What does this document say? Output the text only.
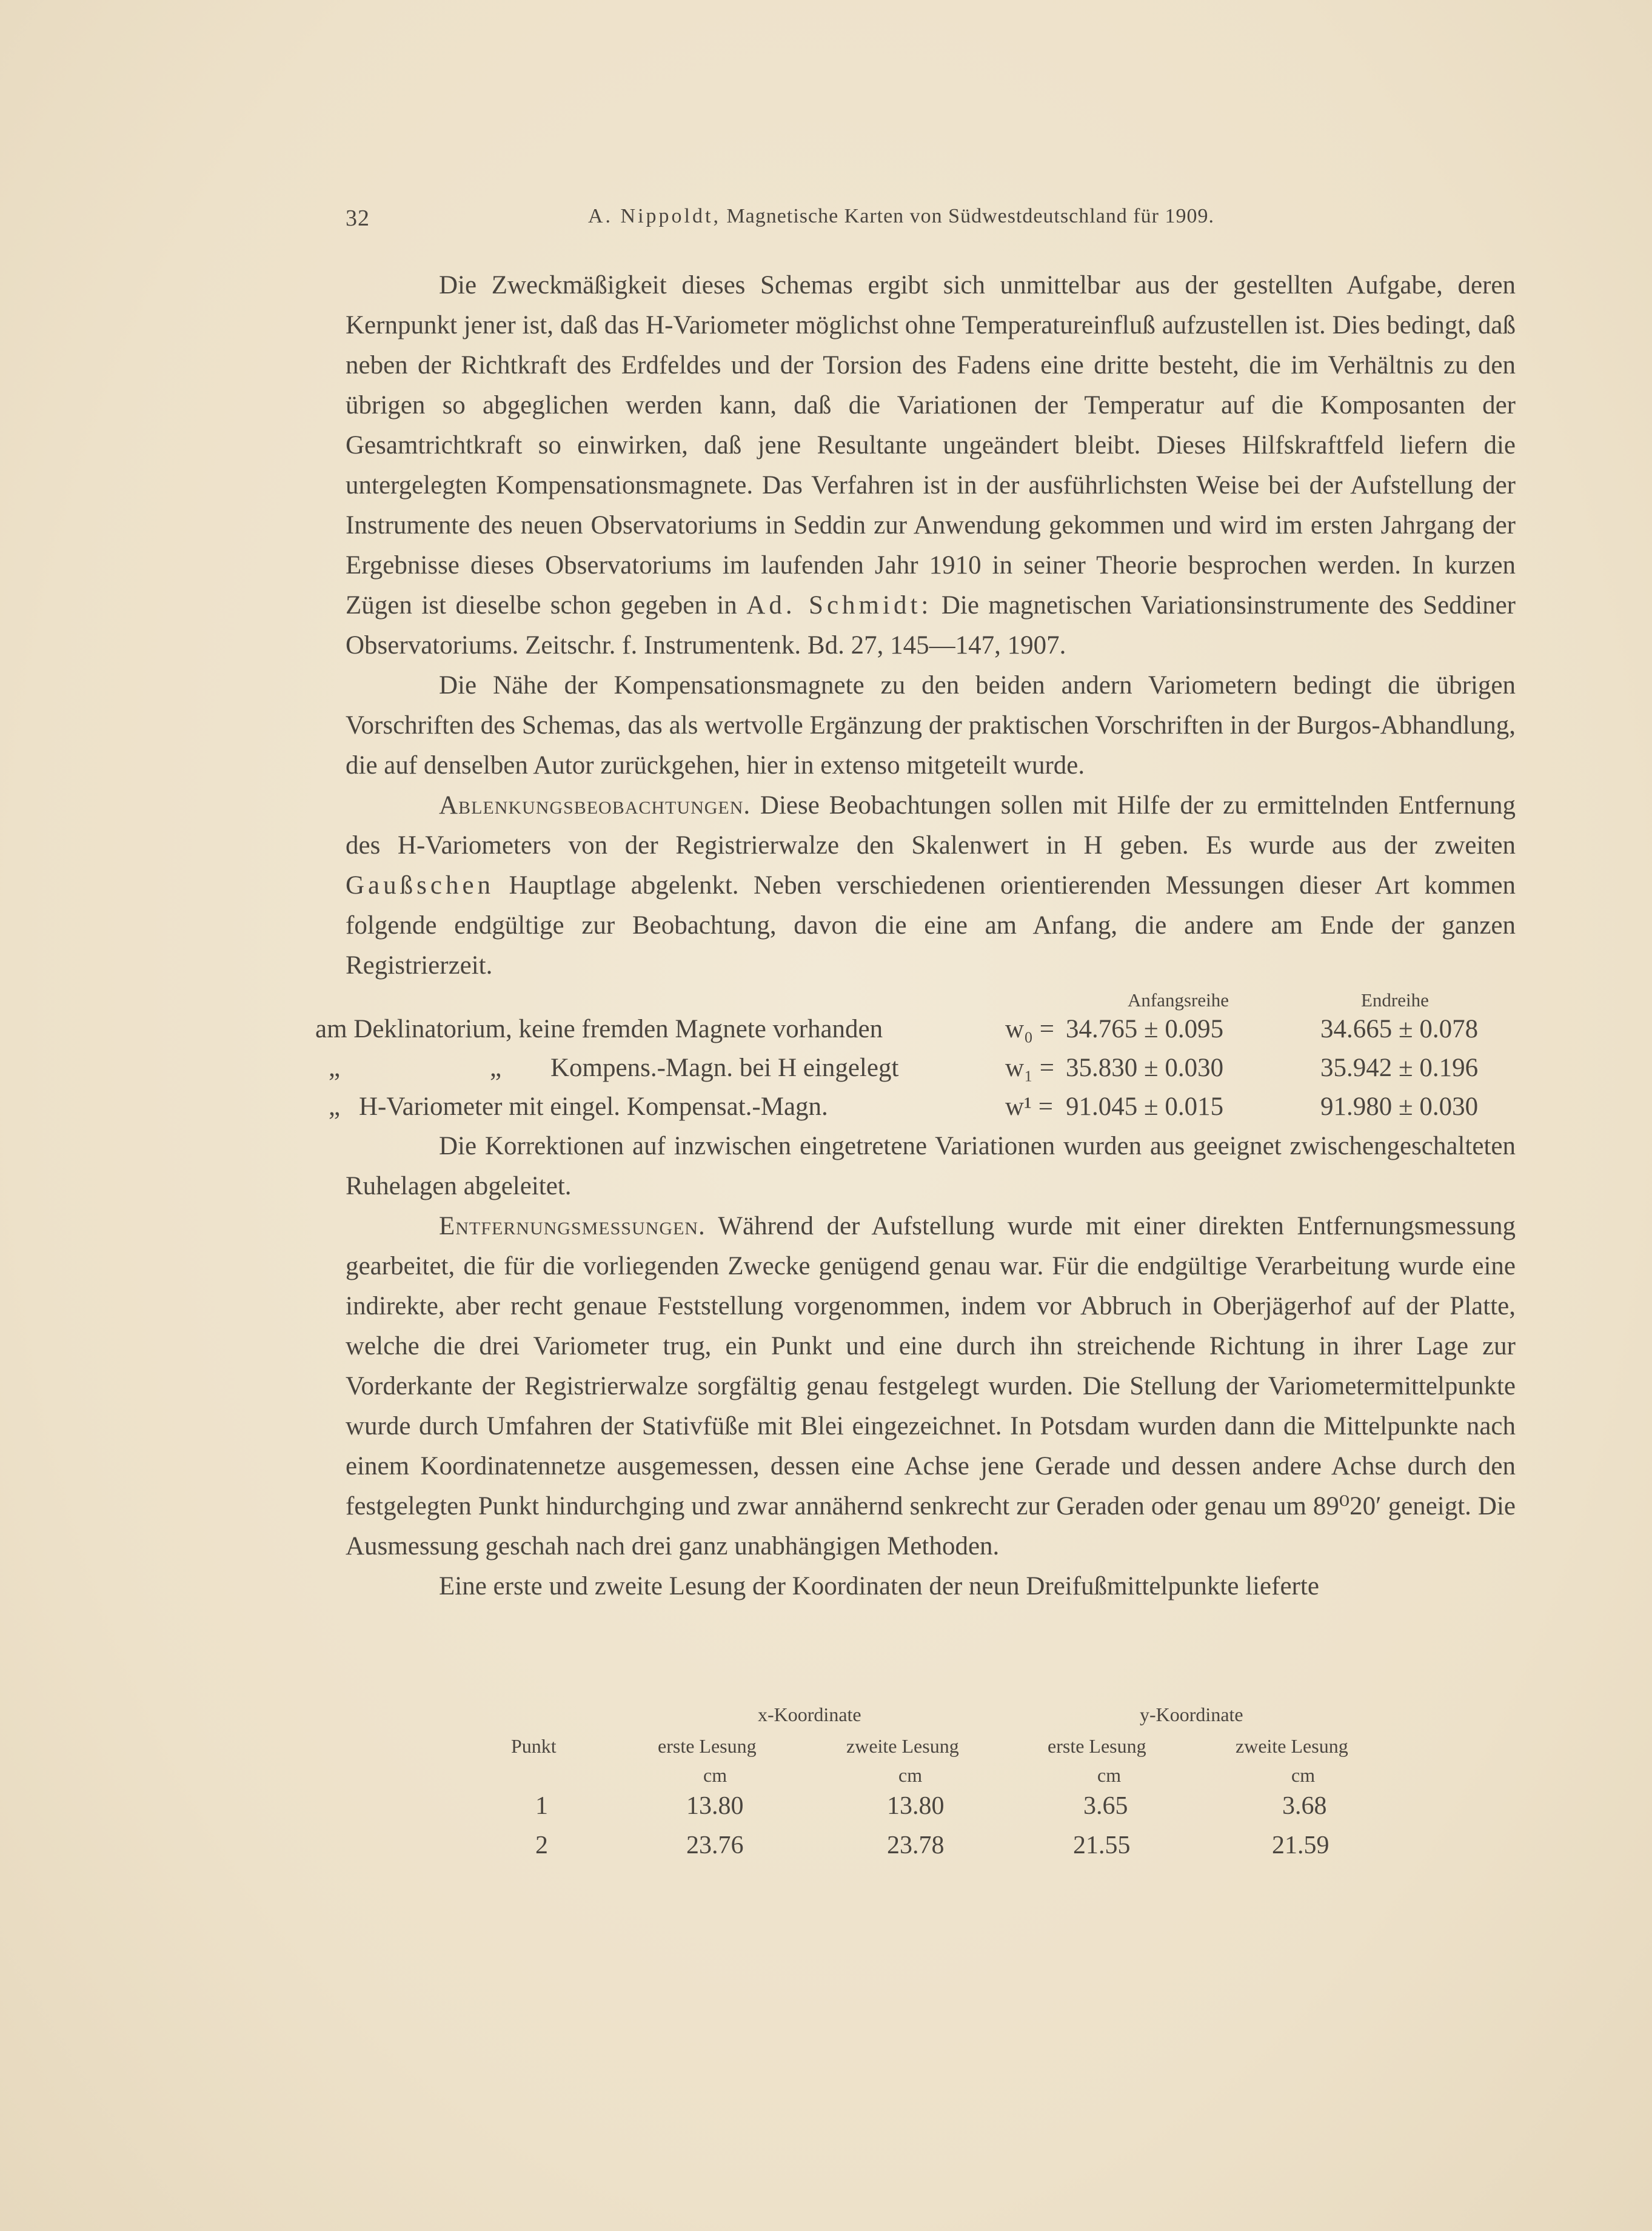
32	A. Nippoldt, Magnetische Karten von Südwestdeutschland für 1909.

Die Zweckmäßigkeit dieses Schemas ergibt sich unmittelbar aus der gestellten Aufgabe, deren Kernpunkt jener ist, daß das H-Variometer möglichst ohne Temperatureinfluß aufzustellen ist. Dies bedingt, daß neben der Richtkraft des Erdfeldes und der Torsion des Fadens eine dritte besteht, die im Verhältnis zu den übrigen so abgeglichen werden kann, daß die Variationen der Temperatur auf die Komposanten der Gesamtrichtkraft so einwirken, daß jene Resultante ungeändert bleibt. Dieses Hilfskraftfeld liefern die untergelegten Kompensationsmagnete. Das Verfahren ist in der ausführlichsten Weise bei der Aufstellung der Instrumente des neuen Observatoriums in Seddin zur Anwendung gekommen und wird im ersten Jahrgang der Ergebnisse dieses Observatoriums im laufenden Jahr 1910 in seiner Theorie besprochen werden. In kurzen Zügen ist dieselbe schon gegeben in Ad. Schmidt: Die magnetischen Variationsinstrumente des Seddiner Observatoriums. Zeitschr. f. Instrumentenk. Bd. 27, 145—147, 1907.

Die Nähe der Kompensationsmagnete zu den beiden andern Variometern bedingt die übrigen Vorschriften des Schemas, das als wertvolle Ergänzung der praktischen Vorschriften in der Burgos-Abhandlung, die auf denselben Autor zurückgehen, hier in extenso mitgeteilt wurde.

Ablenkungsbeobachtungen. Diese Beobachtungen sollen mit Hilfe der zu ermittelnden Entfernung des H-Variometers von der Registrierwalze den Skalenwert in H geben. Es wurde aus der zweiten Gaußschen Hauptlage abgelenkt. Neben verschiedenen orientierenden Messungen dieser Art kommen folgende endgültige zur Beobachtung, davon die eine am Anfang, die andere am Ende der ganzen Registrierzeit.

Anfangsreihe	Endreihe
am Deklinatorium, keine fremden Magnete vorhanden	w₀ = 34.765 ± 0.095	34.665 ± 0.078
„	„ Kompens.-Magn. bei H eingelegt	w₁ = 35.830 ± 0.030	35.942 ± 0.196
„ H-Variometer mit eingel. Kompensat.-Magn.	w¹ = 91.045 ± 0.015	91.980 ± 0.030

Die Korrektionen auf inzwischen eingetretene Variationen wurden aus geeignet zwischengeschalteten Ruhelagen abgeleitet.

Entfernungsmessungen. Während der Aufstellung wurde mit einer direkten Entfernungsmessung gearbeitet, die für die vorliegenden Zwecke genügend genau war. Für die endgültige Verarbeitung wurde eine indirekte, aber recht genaue Feststellung vorgenommen, indem vor Abbruch in Oberjägerhof auf der Platte, welche die drei Variometer trug, ein Punkt und eine durch ihn streichende Richtung in ihrer Lage zur Vorderkante der Registrierwalze sorgfältig genau festgelegt wurden. Die Stellung der Variometermittelpunkte wurde durch Umfahren der Stativfüße mit Blei eingezeichnet. In Potsdam wurden dann die Mittelpunkte nach einem Koordinatennetze ausgemessen, dessen eine Achse jene Gerade und dessen andere Achse durch den festgelegten Punkt hindurchging und zwar annähernd senkrecht zur Geraden oder genau um 89⁰20′ geneigt. Die Ausmessung geschah nach drei ganz unabhängigen Methoden.

Eine erste und zweite Lesung der Koordinaten der neun Dreifußmittelpunkte lieferte

x-Koordinate	y-Koordinate
Punkt	erste Lesung	zweite Lesung	erste Lesung	zweite Lesung
cm	cm	cm	cm
1	13.80	13.80	3.65	3.68
2	23.76	23.78	21.55	21.59
